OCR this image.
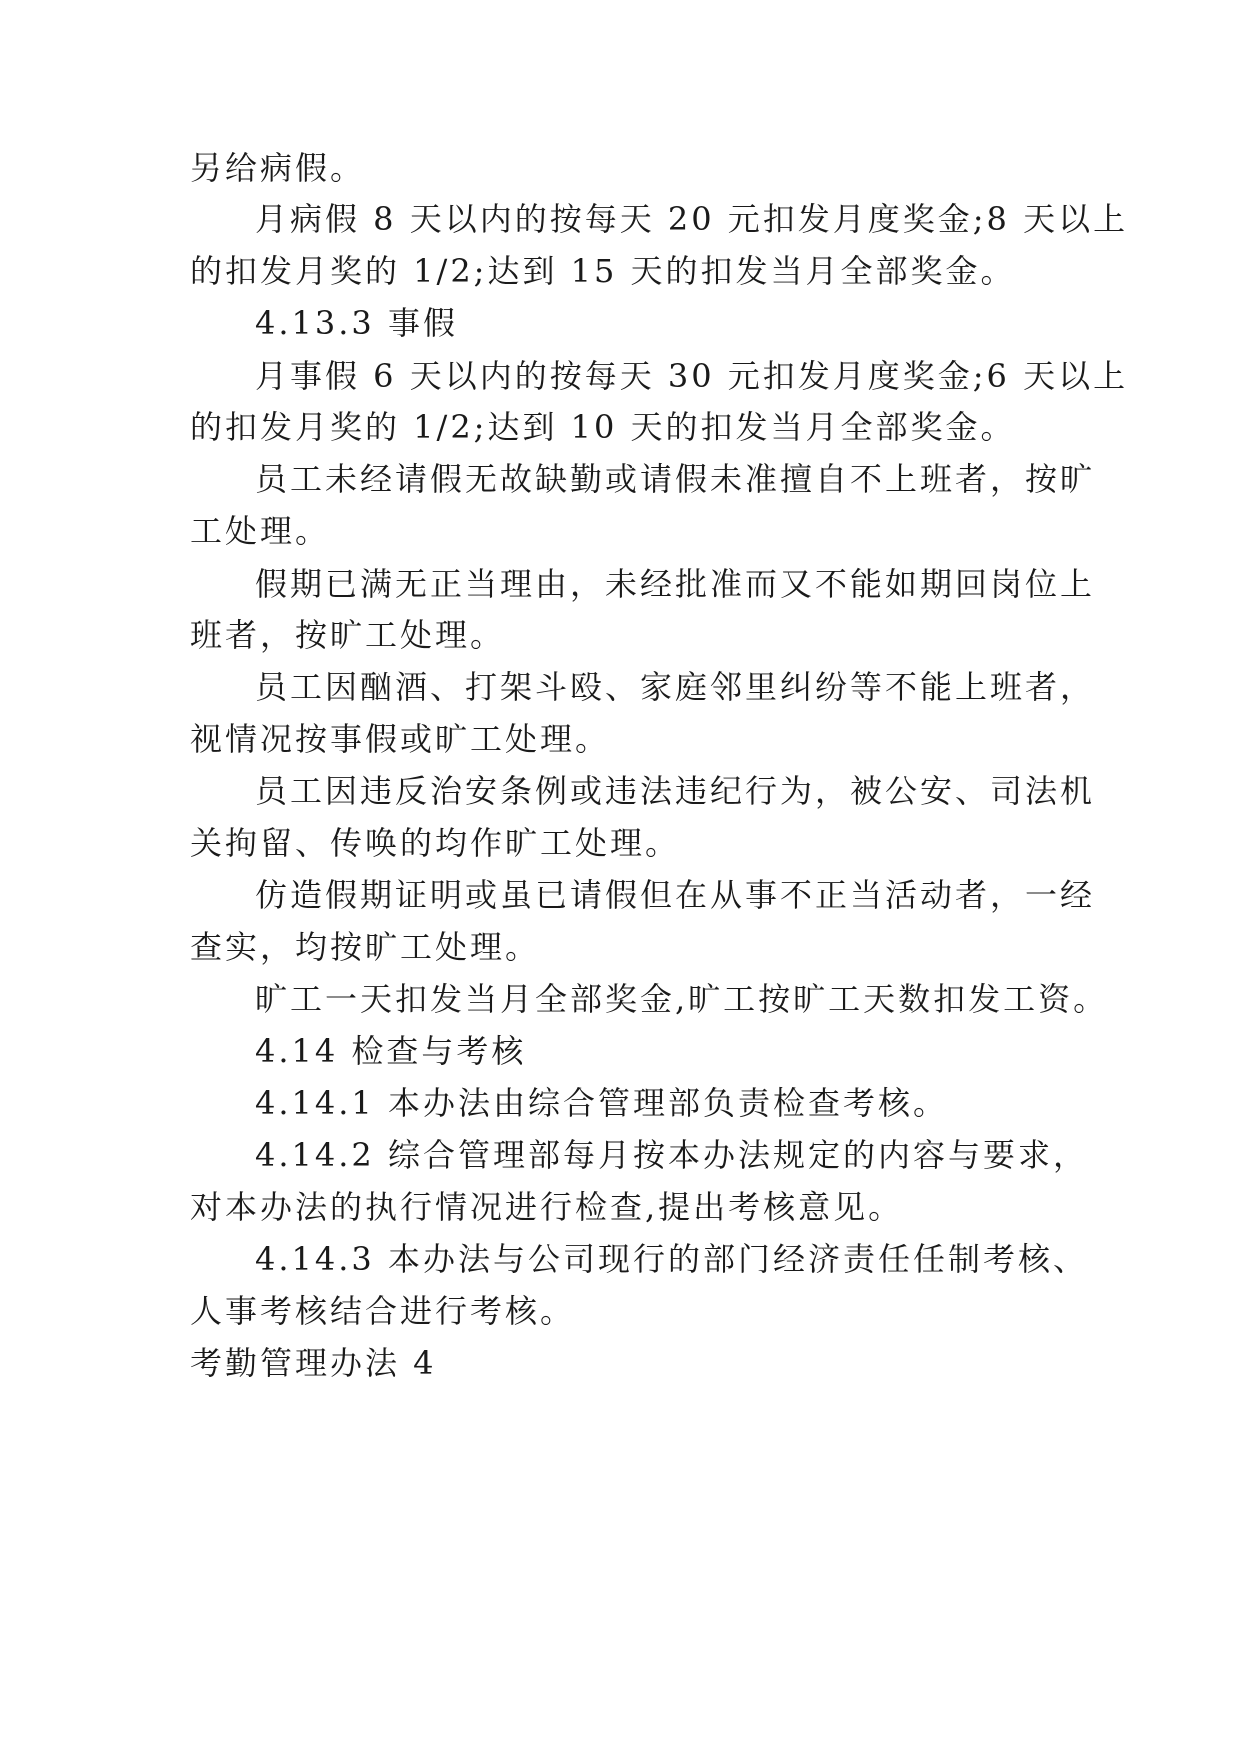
另给病假。
月病假 8 天以内的按每天 20 元扣发月度奖金;8 天以上
的扣发月奖的 1/2;达到 15 天的扣发当月全部奖金。
4.13.3 事假
月事假 6 天以内的按每天 30 元扣发月度奖金;6 天以上
的扣发月奖的 1/2;达到 10 天的扣发当月全部奖金。
员工未经请假无故缺勤或请假未准擅自不上班者，按旷
工处理。
假期已满无正当理由，未经批准而又不能如期回岗位上
班者，按旷工处理。
员工因酗酒、打架斗殴、家庭邻里纠纷等不能上班者，
视情况按事假或旷工处理。
员工因违反治安条例或违法违纪行为，被公安、司法机
关拘留、传唤的均作旷工处理。
仿造假期证明或虽已请假但在从事不正当活动者，一经
查实，均按旷工处理。
旷工一天扣发当月全部奖金,旷工按旷工天数扣发工资。
4.14 检查与考核
4.14.1 本办法由综合管理部负责检查考核。
4.14.2 综合管理部每月按本办法规定的内容与要求，
对本办法的执行情况进行检查,提出考核意见。
4.14.3 本办法与公司现行的部门经济责任任制考核、
人事考核结合进行考核。
考勤管理办法 4
